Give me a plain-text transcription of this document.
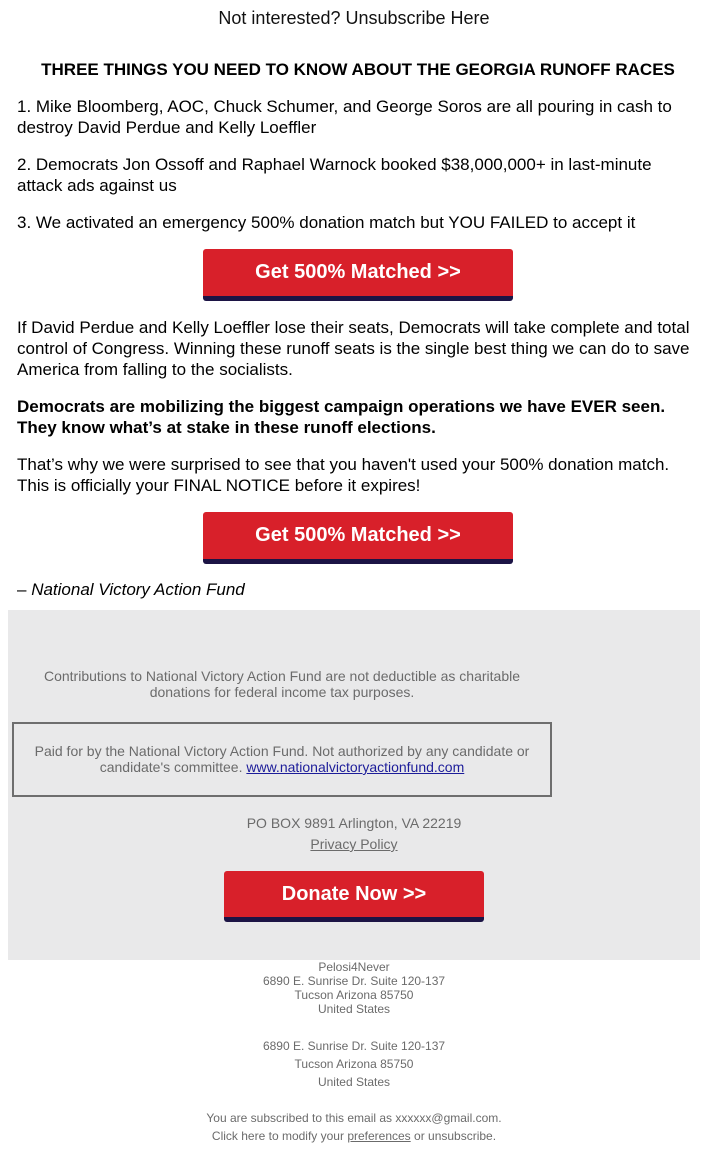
Not interested? Unsubscribe Here
THREE THINGS YOU NEED TO KNOW ABOUT THE GEORGIA RUNOFF RACES
1. Mike Bloomberg, AOC, Chuck Schumer, and George Soros are all pouring in cash to destroy David Perdue and Kelly Loeffler
2. Democrats Jon Ossoff and Raphael Warnock booked $38,000,000+ in last-minute attack ads against us
3. We activated an emergency 500% donation match but YOU FAILED to accept it
Get 500% Matched >>
If David Perdue and Kelly Loeffler lose their seats, Democrats will take complete and total control of Congress. Winning these runoff seats is the single best thing we can do to save America from falling to the socialists.
Democrats are mobilizing the biggest campaign operations we have EVER seen. They know what’s at stake in these runoff elections.
That’s why we were surprised to see that you haven't used your 500% donation match. This is officially your FINAL NOTICE before it expires!
Get 500% Matched >>
– National Victory Action Fund
Contributions to National Victory Action Fund are not deductible as charitable donations for federal income tax purposes.
Paid for by the National Victory Action Fund. Not authorized by any candidate or candidate's committee. www.nationalvictoryactionfund.com
PO BOX 9891 Arlington, VA 22219
Privacy Policy
Donate Now >>
Pelosi4Never
6890 E. Sunrise Dr. Suite 120-137
Tucson Arizona 85750
United States
6890 E. Sunrise Dr. Suite 120-137
Tucson Arizona 85750
United States
You are subscribed to this email as xxxxxx@gmail.com.
Click here to modify your preferences or unsubscribe.
